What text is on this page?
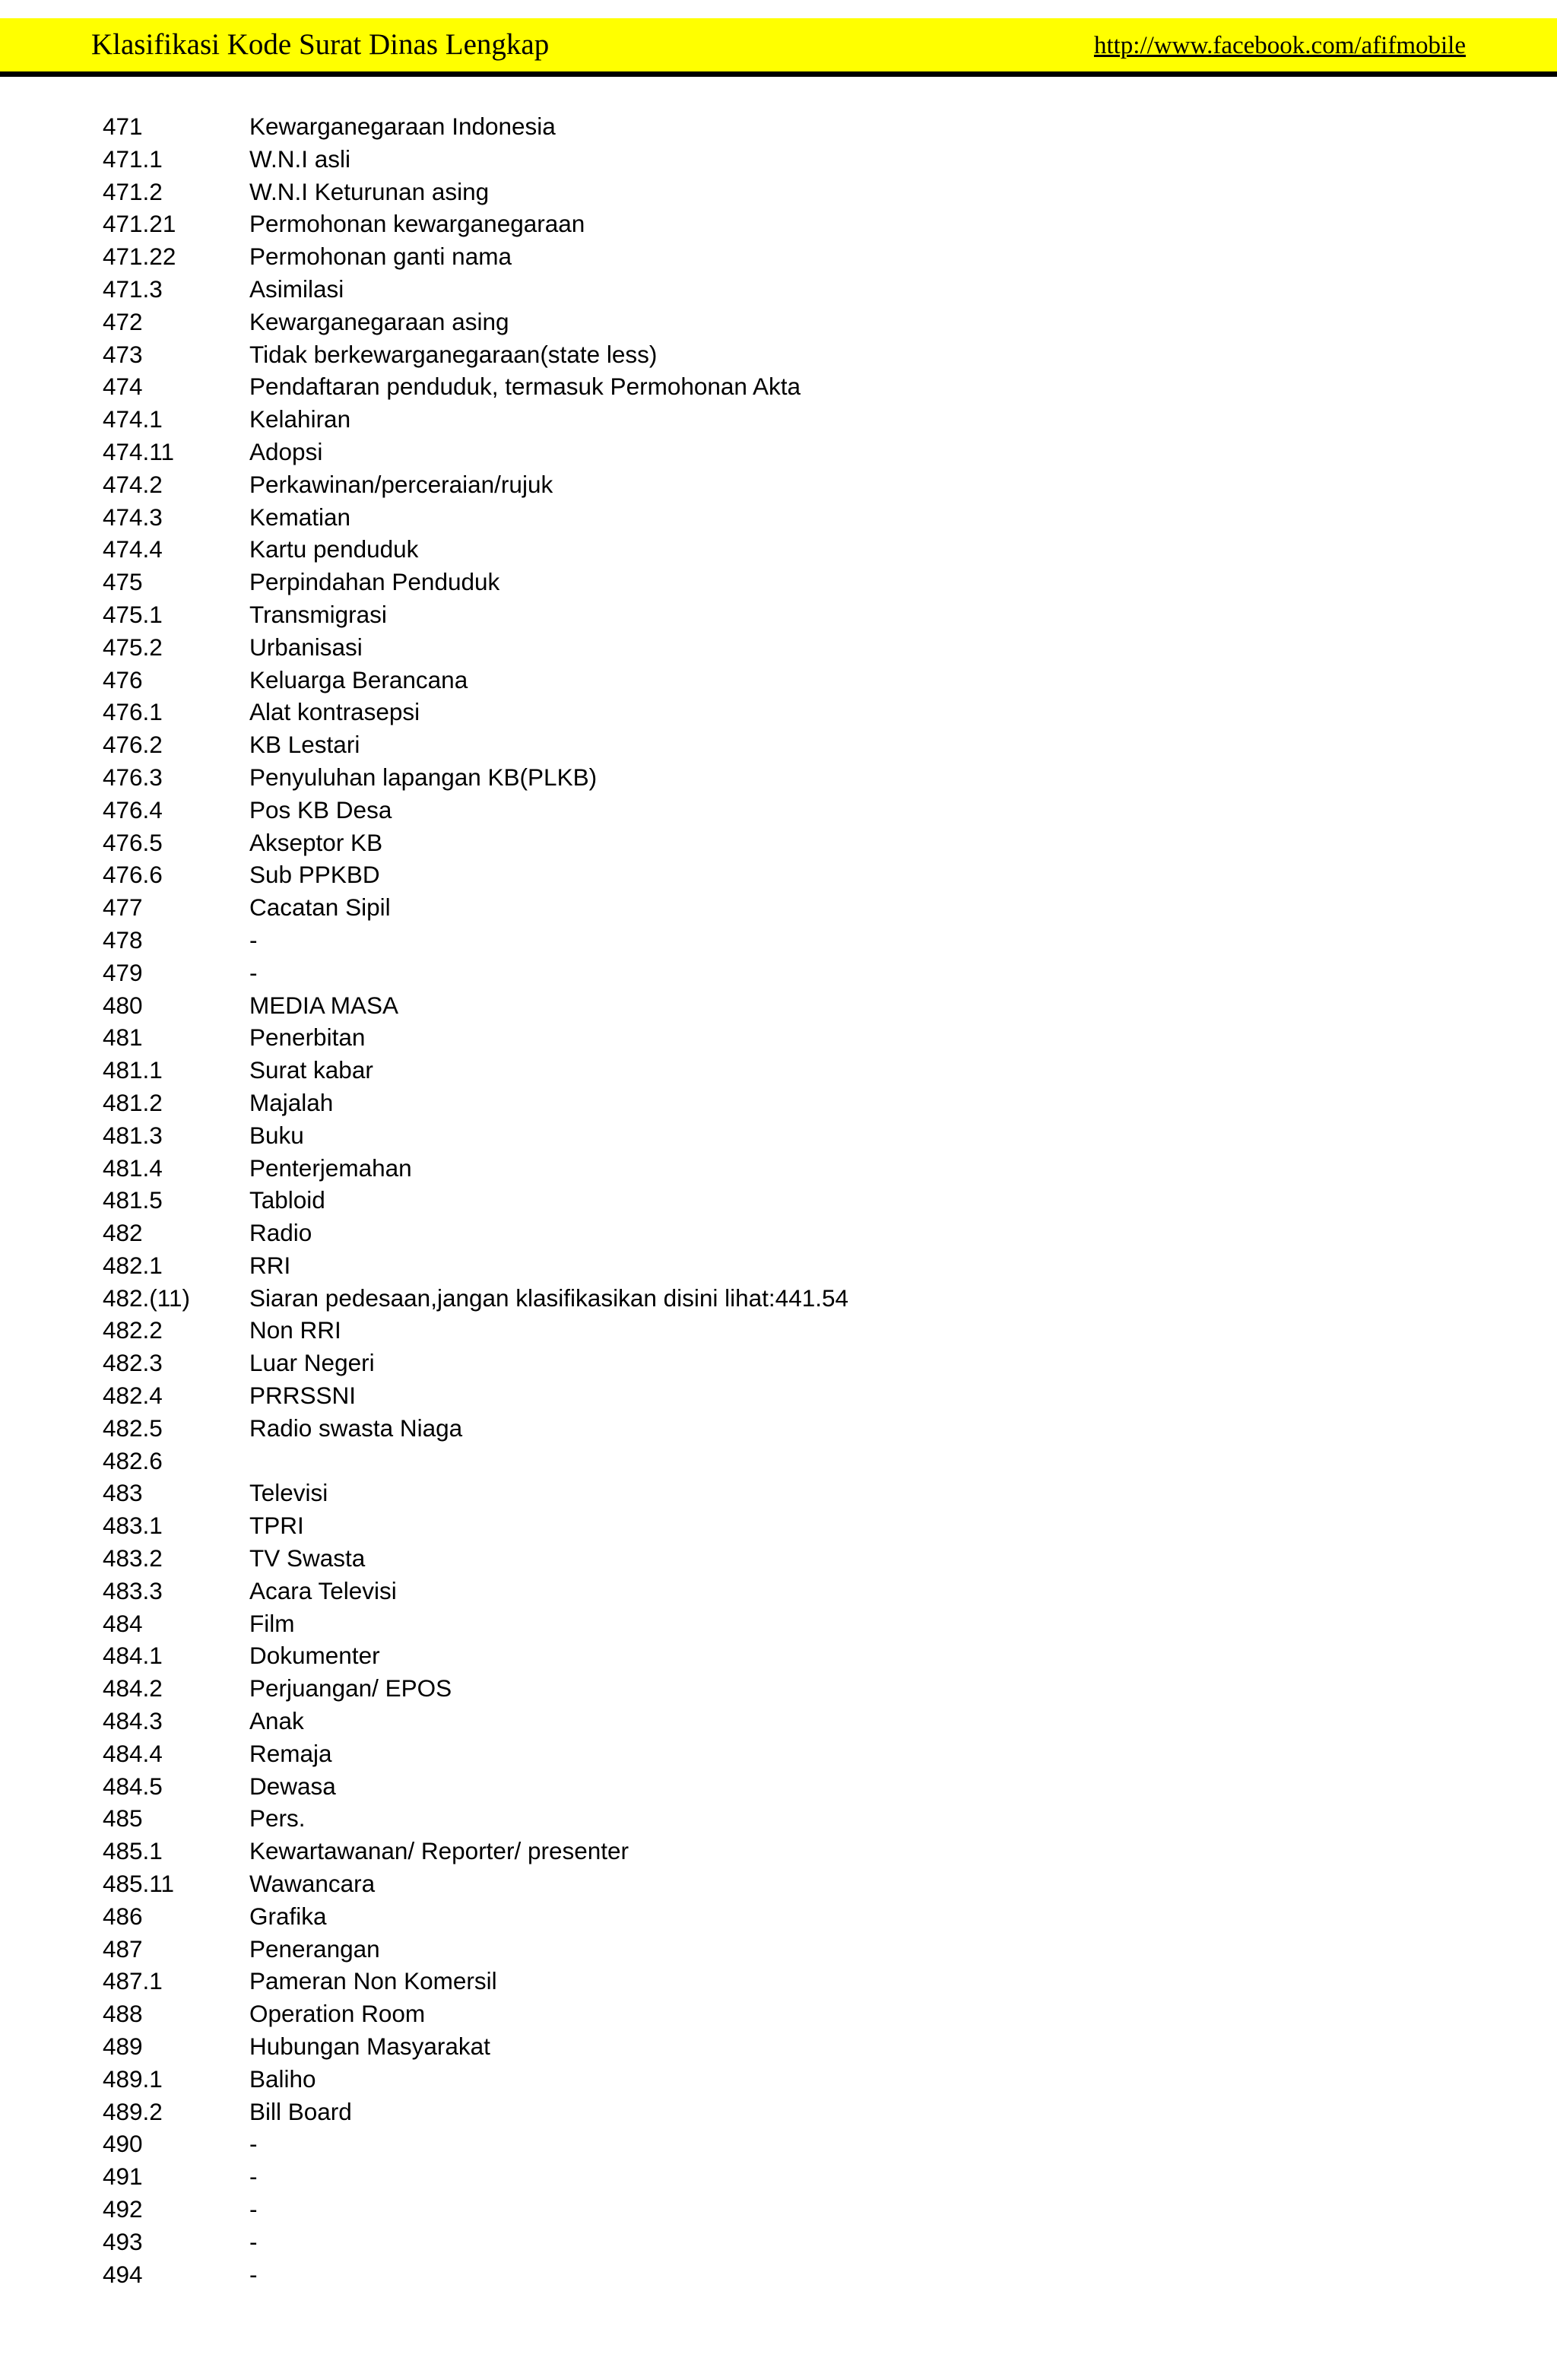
Klasifikasi Kode Surat Dinas Lengkap	http://www.facebook.com/afifmobile
471	Kewarganegaraan Indonesia
471.1	W.N.I asli
471.2	W.N.I Keturunan asing
471.21	Permohonan kewarganegaraan
471.22	Permohonan ganti nama
471.3	Asimilasi
472	Kewarganegaraan asing
473	Tidak berkewarganegaraan(state less)
474	Pendaftaran penduduk, termasuk Permohonan Akta
474.1	Kelahiran
474.11	Adopsi
474.2	Perkawinan/perceraian/rujuk
474.3	Kematian
474.4	Kartu penduduk
475	Perpindahan Penduduk
475.1	Transmigrasi
475.2	Urbanisasi
476	Keluarga Berancana
476.1	Alat kontrasepsi
476.2	KB Lestari
476.3	Penyuluhan lapangan KB(PLKB)
476.4	Pos KB Desa
476.5	Akseptor KB
476.6	Sub PPKBD
477	Cacatan Sipil
478	-
479	-
480	MEDIA MASA
481	Penerbitan
481.1	Surat kabar
481.2	Majalah
481.3	Buku
481.4	Penterjemahan
481.5	Tabloid
482	Radio
482.1	RRI
482.(11) Siaran pedesaan,jangan klasifikasikan disini lihat:441.54
482.2	Non RRI
482.3	Luar Negeri
482.4	PRRSSNI
482.5	Radio swasta Niaga
482.6
483	Televisi
483.1	TPRI
483.2	TV Swasta
483.3	Acara Televisi
484	Film
484.1	Dokumenter
484.2	Perjuangan/ EPOS
484.3	Anak
484.4	Remaja
484.5	Dewasa
485	Pers.
485.1	Kewartawanan/ Reporter/ presenter
485.11	Wawancara
486	Grafika
487	Penerangan
487.1	Pameran Non Komersil
488	Operation Room
489	Hubungan Masyarakat
489.1	Baliho
489.2	Bill Board
490	-
491	-
492	-
493	-
494	-
